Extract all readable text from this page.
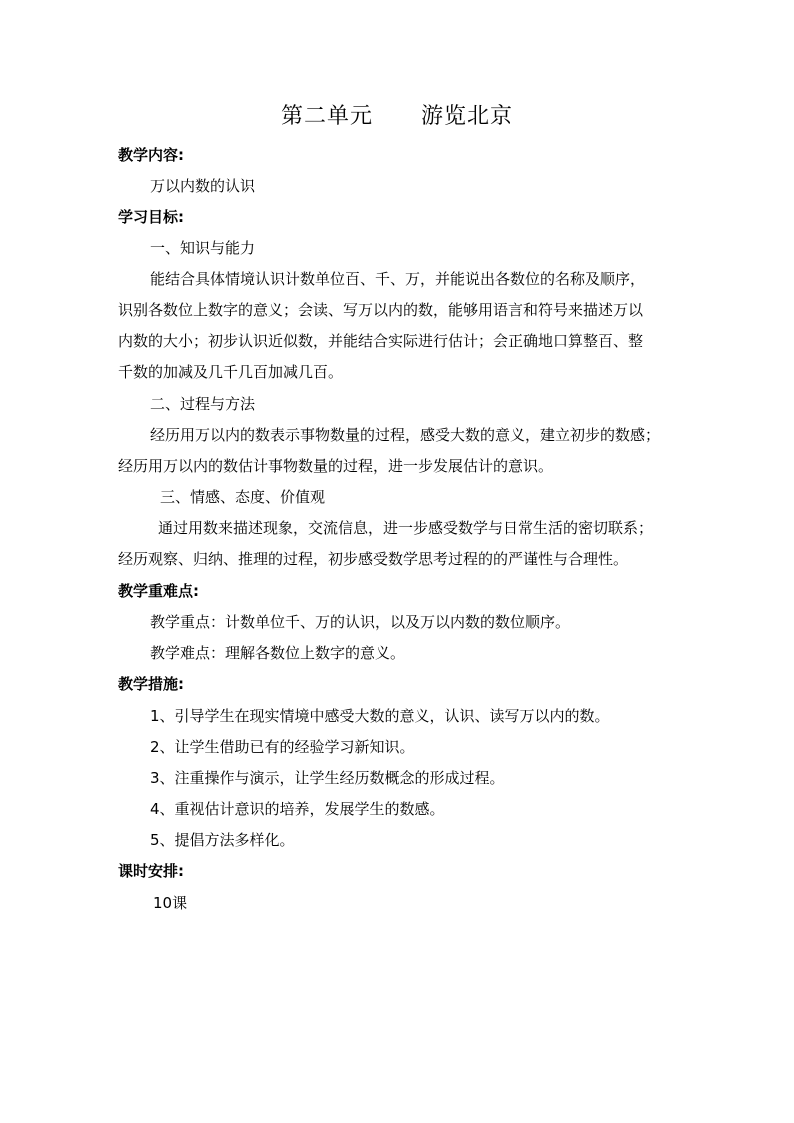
第二单元      游览北京
教学内容:
万以内数的认识
学习目标:
一、知识与能力
能结合具体情境认识计数单位百、千、万，并能说出各数位的名称及顺序，
识别各数位上数字的意义；会读、写万以内的数，能够用语言和符号来描述万以
内数的大小；初步认识近似数，并能结合实际进行估计；会正确地口算整百、整
千数的加减及几千几百加减几百。
二、过程与方法
经历用万以内的数表示事物数量的过程，感受大数的意义，建立初步的数感；
经历用万以内的数估计事物数量的过程，进一步发展估计的意识。
三、情感、态度、价值观
通过用数来描述现象，交流信息，进一步感受数学与日常生活的密切联系；
经历观察、归纳、推理的过程，初步感受数学思考过程的的严谨性与合理性。
教学重难点:
教学重点：计数单位千、万的认识，以及万以内数的数位顺序。
教学难点：理解各数位上数字的意义。
教学措施:
1、引导学生在现实情境中感受大数的意义，认识、读写万以内的数。
2、让学生借助已有的经验学习新知识。
3、注重操作与演示，让学生经历数概念的形成过程。
4、重视估计意识的培养，发展学生的数感。
5、提倡方法多样化。
课时安排:
10课
